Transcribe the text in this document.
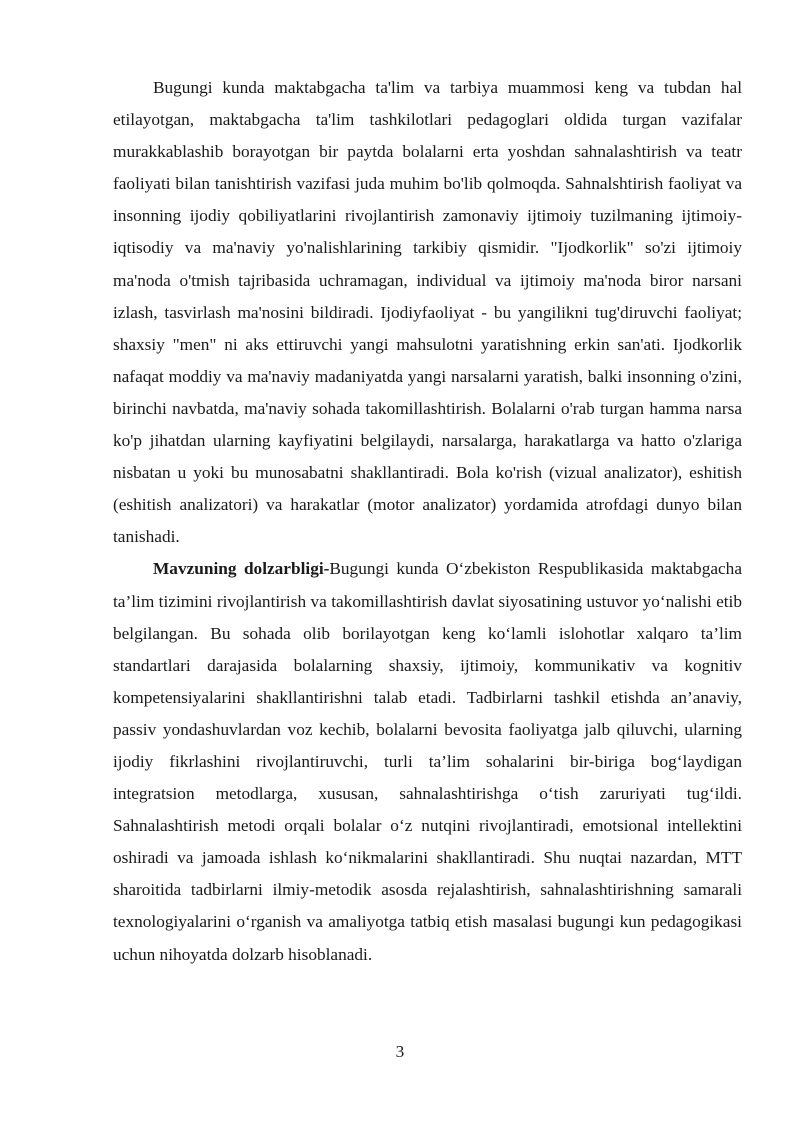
Bugungi kunda maktabgacha ta'lim va tarbiya muammosi keng va tubdan hal etilayotgan, maktabgacha ta'lim tashkilotlari pedagoglari oldida turgan vazifalar murakkablashib borayotgan bir paytda bolalarni erta yoshdan sahnalashtirish va teatr faoliyati bilan tanishtirish vazifasi juda muhim bo'lib qolmoqda. Sahnalshtirish faoliyat va insonning ijodiy qobiliyatlarini rivojlantirish zamonaviy ijtimoiy tuzilmaning ijtimoiy-iqtisodiy va ma'naviy yo'nalishlarining tarkibiy qismidir. "Ijodkorlik" so'zi ijtimoiy ma'noda o'tmish tajribasida uchramagan, individual va ijtimoiy ma'noda biror narsani izlash, tasvirlash ma'nosini bildiradi. Ijodiyfaoliyat - bu yangilikni tug'diruvchi faoliyat; shaxsiy "men" ni aks ettiruvchi yangi mahsulotni yaratishning erkin san'ati. Ijodkorlik nafaqat moddiy va ma'naviy madaniyatda yangi narsalarni yaratish, balki insonning o'zini, birinchi navbatda, ma'naviy sohada takomillashtirish. Bolalarni o'rab turgan hamma narsa ko'p jihatdan ularning kayfiyatini belgilaydi, narsalarga, harakatlarga va hatto o'zlariga nisbatan u yoki bu munosabatni shakllantiradi. Bola ko'rish (vizual analizator), eshitish (eshitish analizatori) va harakatlar (motor analizator) yordamida atrofdagi dunyo bilan tanishadi.

Mavzuning dolzarbligi-Bugungi kunda O‘zbekiston Respublikasida maktabgacha ta’lim tizimini rivojlantirish va takomillashtirish davlat siyosatining ustuvor yo‘nalishi etib belgilangan. Bu sohada olib borilayotgan keng ko‘lamli islohotlar xalqaro ta’lim standartlari darajasida bolalarning shaxsiy, ijtimoiy, kommunikativ va kognitiv kompetensiyalarini shakllantirishni talab etadi. Tadbirlarni tashkil etishda an’anaviy, passiv yondashuvlardan voz kechib, bolalarni bevosita faoliyatga jalb qiluvchi, ularning ijodiy fikrlashini rivojlantiruvchi, turli ta’lim sohalarini bir-biriga bog‘laydigan integratsion metodlarga, xususan, sahnalashtirishga o‘tish zaruriyati tug‘ildi. Sahnalashtirish metodi orqali bolalar o‘z nutqini rivojlantiradi, emotsional intellektini oshiradi va jamoada ishlash ko‘nikmalarini shakllantiradi. Shu nuqtai nazardan, MTT sharoitida tadbirlarni ilmiy-metodik asosda rejalashtirish, sahnalashtirishning samarali texnologiyalarini o‘rganish va amaliyotga tatbiq etish masalasi bugungi kun pedagogikasi uchun nihoyatda dolzarb hisoblanadi.

3
